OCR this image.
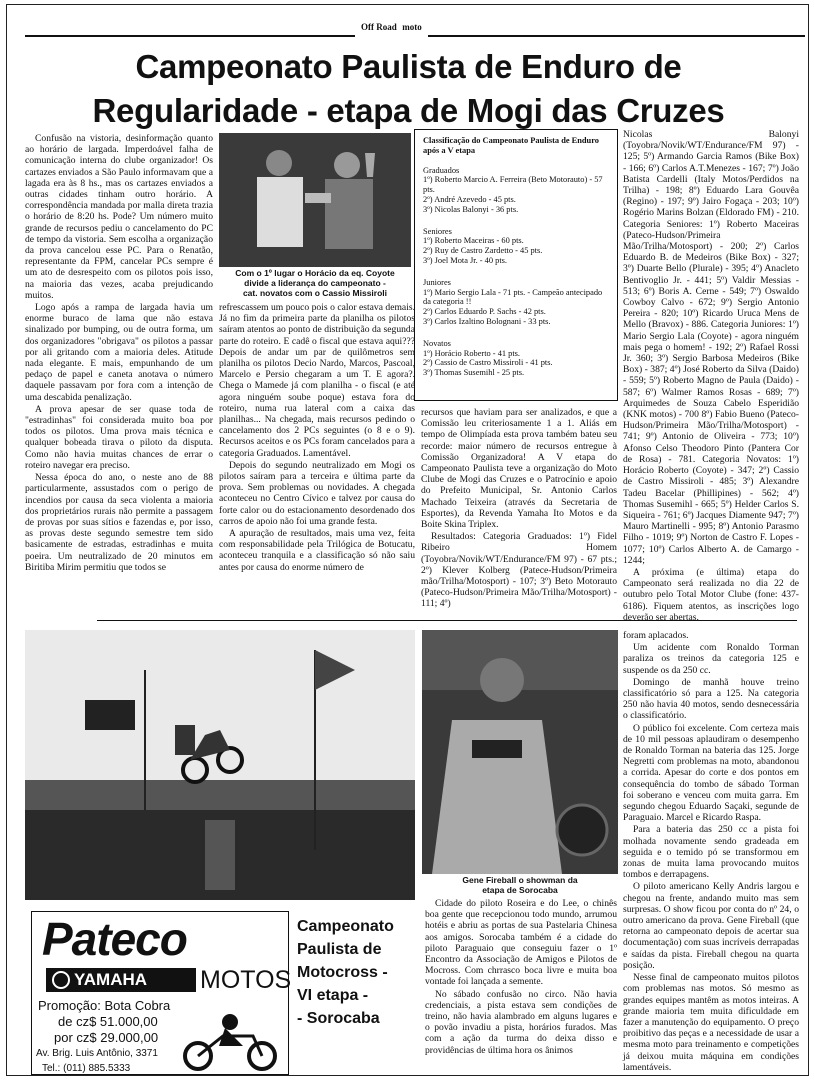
$^{Off Road}$ $^{moto}$
Campeonato Paulista de Enduro de
Regularidade - etapa de Mogi das Cruzes

Confusão na vistoria, desinformação quanto ao horário de largada. Imperdoável falha de comunicação interna do clube organizador! Os cartazes enviados a São Paulo informavam que a lagada era às 8 hs., mas os cartazes enviados a outras cidades tinham outro horário. A correspondência mandada por malla direta trazia o horário de 8:20 hs. Pode? Um número muito grande de recursos pediu o cancelamento do PC de tempo da vistoria. Sem escolha a organização da prova cancelou esse PC. Para o Renatão, representante da FPM, cancelar PCs sempre é um ato de desrespeito com os pilotos pois isso, na maioria das vezes, acaba prejudicando muitos.

Logo após a rampa de largada havia um enorme buraco de lama que não estava sinalizado por bumping, ou de outra forma, um dos organizadores "obrigava" os pilotos a passar por ali gritando com a maioria deles. Atitude nada elegante. E mais, empunhando de um pedaço de papel e caneta anotava o número daquele passavam por fora com a intenção de uma descabida penalização.

A prova apesar de ser quase toda de "estradinhas" foi considerada muito boa por todos os pilotos. Uma prova mais técnica e qualquer bobeada tirava o piloto da disputa. Como não havia muitas chances de errar o roteiro navegar era preciso.

Nessa época do ano, o neste ano de 88 particularmente, assustados com o perigo de incendios por causa da seca violenta a maioria dos proprietários rurais não permite a passagem de provas por suas sítios e fazendas e, por isso, as provas deste segundo semestre tem sido basicamente de estradas, estradinhas e muita poeira. Um neutralizado de 20 minutos em Biritiba Mirim permitiu que todos se

Com o 1º lugar o Horácio da eq. Coyote
divide a liderança do campeonato -
cat. novatos com o Cassio Missiroli

refrescassem um pouco pois o calor estava demais. Já no fim da primeira parte da planilha os pilotos saíram atentos ao ponto de distribuição da segunda parte do roteiro. E cadê o fiscal que estava aqui???Depois de andar um par de quilômetros sem planilha os pilotos Decio Nardo, Marcos, Pascoal, Marcelo e Persio chegaram a um T. E agora?. Chega o Mamede já com planilha - o fiscal (e até agora ninguém soube poque) estava fora do roteiro, numa rua lateral com a caixa das planilhas... Na chegada, mais recursos pedindo o cancelamento dos 2 PCs seguintes (o 8 e o 9). Recursos aceitos e os PCs foram cancelados para a categoria Graduados. Lamentável.

Depois do segundo neutralizado em Mogi os pilotos saíram para a terceira e última parte da prova. Sem problemas ou novidades. A chegada aconteceu no Centro Cívico e talvez por causa do forte calor ou do estacionamento desordenado dos carros de apoio não foi uma grande festa.

A apuração de resultados, mais uma vez, feita com responsabilidade pela Trilógica de Botucatu, aconteceu tranquila e a classificação só não saiu antes por causa do enorme número de

Classificação do Campeonato Paulista de Enduro após a V etapa
Graduados
1º) Roberto Marcio A. Ferreira (Beto Motorauto) - 57 pts.
2º) André Azevedo - 45 pts.
3º) Nicolas Balonyi - 36 pts.
Seniores
1º) Roberto Maceiras - 60 pts.
2º) Ruy de Castro Zardetto - 45 pts.
3º) Joel Mota Jr. - 40 pts.
Juniores
1º) Mario Sergio Lala - 71 pts. - Campeão antecipado da categoria !!
2º) Carlos Eduardo P. Sachs - 42 pts.
3º) Carlos Izaltino Bolognani - 33 pts.
Novatos
1º) Horácio Roberto - 41 pts.
2º) Cassio de Castro Missiroli - 41 pts.
3º) Thomas Susemihl - 25 pts.

recursos que haviam para ser analizados, e que a Comissão leu criteriosamente 1 a 1. Aliás em tempo de Olimpíada esta prova também bateu seu recorde: maior número de recursos entregue à Comissão Organizadora! A V etapa do Campeonato Paulista teve a organização do Moto Clube de Mogi das Cruzes e o Patrocínio e apoio do Prefeito Municipal, Sr. Antonio Carlos Machado Teixeira (através da Secretaria de Esportes), da Revenda Yamaha Ito Motos e da Boite Skina Triplex.

Resultados: Categoria Graduados: 1º) Fidel Ribeiro Homem (Toyobra/Novik/WT/Endurance/FM 97) - 67 pts.; 2º) Klever Kolberg (Patece-Hudson/Primeira mão/Trilha/Motosport) - 107; 3º) Beto Motorauto (Pateco-Hudson/Primeira Mão/Trilha/Motosport) - 111; 4º)

Nicolas Balonyi (Toyobra/Novik/WT/Endurance/FM 97) - 125; 5º) Armando Garcia Ramos (Bike Box) - 166; 6º) Carlos A.T.Menezes - 167; 7º) João Batista Cardelli (Italy Motos/Perdidos na Trilha) - 198; 8º) Eduardo Lara Gouvêa (Regino) - 197; 9º) Jairo Fogaça - 203; 10º) Rogério Marins Bolzan (Eldorado FM) - 210. Categoria Seniores: 1º) Roberto Maceiras (Pateco-Hudson/Primeira Mão/Trilha/Motosport) - 200; 2º) Carlos Eduardo B. de Medeiros (Bike Box) - 327; 3º) Duarte Bello (Plurale) - 395; 4º) Anacleto Bentivoglio Jr. - 441; 5º) Valdir Messias - 513; 6º) Boris A. Cerne - 549; 7º) Oswaldo Cowboy Calvo - 672; 9º) Sergio Antonio Pereira - 820; 10º) Ricardo Uruca Mens de Mello (Bravox) - 886. Categoria Juniores: 1º) Mario Sergio Lala (Coyote) - agora ninguém mais pega o homem! - 192; 2º) Rafael Rossi Jr. 360; 3º) Sergio Barbosa Medeiros (Bike Box) - 387; 4º) José Roberto da Silva (Daido) - 559; 5º) Roberto Magno de Paula (Daido) - 587; 6º) Walmer Ramos Rosas - 689; 7º) Arquimedes de Souza Cabelo Esperidião (KNK motos) - 700 8º) Fabio Bueno (Pateco-Hudson/Primeira Mão/Trilha/Motosport) - 741; 9º) Antonio de Oliveira - 773; 10º) Afonso Celso Theodoro Pinto (Pantera Cor de Rosa) - 781. Categoria Novatos: 1º) Horácio Roberto (Coyote) - 347; 2º) Cassio de Castro Missiroli - 485; 3º) Alexandre Tadeu Bacelar (Phillipines) - 562; 4º) Thomas Susemihl - 665; 5º) Helder Carlos S. Siqueira - 761; 6º) Jacques Diamente 947; 7º) Mauro Martinelli - 995; 8º) Antonio Parasmo Filho - 1019; 9º) Norton de Castro F. Lopes - 1077; 10º) Carlos Alberto A. de Camargo - 1244;

A próxima (e última) etapa do Campeonato será realizada no dia 22 de outubro pelo Total Motor Clube (fone: 437-6186). Fiquem atentos, as inscrições logo deverão ser abertas.

Gene Fireball o showman da
etapa de Sorocaba

Cidade do piloto Roseira e do Lee, o chinês boa gente que recepcionou todo mundo, arrumou hotéis e abriu as portas de sua Pastelaria Chinesa aos amigos. Sorocaba também é a cidade do piloto Paraguaio que conseguiu fazer o 1º Encontro da Associação de Amigos e Pilotos de Mocross. Com chrrasco boca livre e muita boa vontade foi lançada a semente.

No sábado confusão no circo. Não havia credenciais, a pista estava sem condições de treino, não havia alambrado em alguns lugares e o povão invadiu a pista, horários furados. Mas com a ação da turma do deixa disso e providências de última hora os ânimos

foram aplacados.

Um acidente com Ronaldo Torman paraliza os treinos da categoria 125 e suspende os da 250 cc.

Domingo de manhã houve treino classificatório só para a 125. Na categoria 250 não havia 40 motos, sendo desnecessária o classificatório.

O público foi excelente. Com certeza mais de 10 mil pessoas aplaudiram o desempenho de Ronaldo Torman na bateria das 125. Jorge Negretti com problemas na moto, abandonou a corrida. Apesar do corte e dos pontos em consequência do tombo de sábado Torman foi soberano e venceu com muita garra. Em segundo chegou Eduardo Saçaki, segunde de Paraguaio. Marcel e Ricardo Raspa.

Para a bateria das 250 cc a pista foi molhada novamente sendo gradeada em seguida e o temido pó se transformou em zonas de muita lama provocando muitos tombos e derrapagens.

O piloto americano Kelly Andris largou e chegou na frente, andando muito mas sem surpresas. O show ficou por conta do nº 24, o outro americano da prova. Gene Fireball (que retorna ao campeonato depois de acertar sua documentação) com suas incríveis derrapadas e saídas da pista. Fireball chegou na quarta posição.

Nesse final de campeonato muitos pilotos com problemas nas motos. Só mesmo as grandes equipes mantêm as motos inteiras. A grande maioria tem muita dificuldade em fazer a manutenção do equipamento. O preço proibitivo das peças e a necessidade de usar a mesma moto para treinamento e competições já deixou muita máquina em condições lamentáveis.

Pateco
YAMAHA	MOTOS
Promoção: Bota Cobra
de cz$ 51.000,00
por cz$ 29.000,00
Av. Brig. Luis Antônio, 3371
Tel.: (011) 885.5333
Campeonato
Paulista de
Motocross -
VI etapa -
- Sorocaba
